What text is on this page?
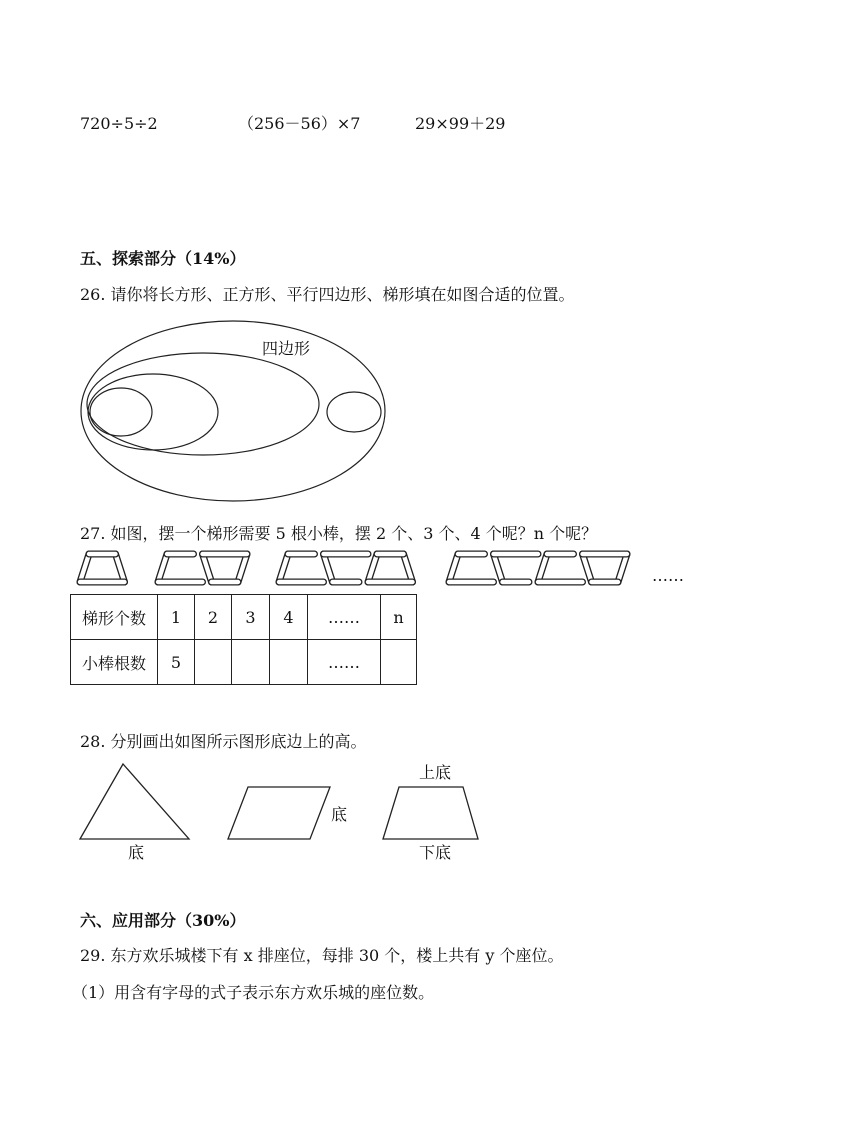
720÷5÷2	（256－56）×7	29×99＋29
五、探索部分（14%）
26. 请你将长方形、正方形、平行四边形、梯形填在如图合适的位置。
四边形
27. 如图，摆一个梯形需要 5 根小棒，摆 2 个、3 个、4 个呢？n 个呢？
……
梯形个数	1	2	3	4	……	n
小棒根数	5				……	
28. 分别画出如图所示图形底边上的高。
底
底
上底
下底
六、应用部分（30%）
29. 东方欢乐城楼下有 x 排座位，每排 30 个，楼上共有 y 个座位。
（1）用含有字母的式子表示东方欢乐城的座位数。
